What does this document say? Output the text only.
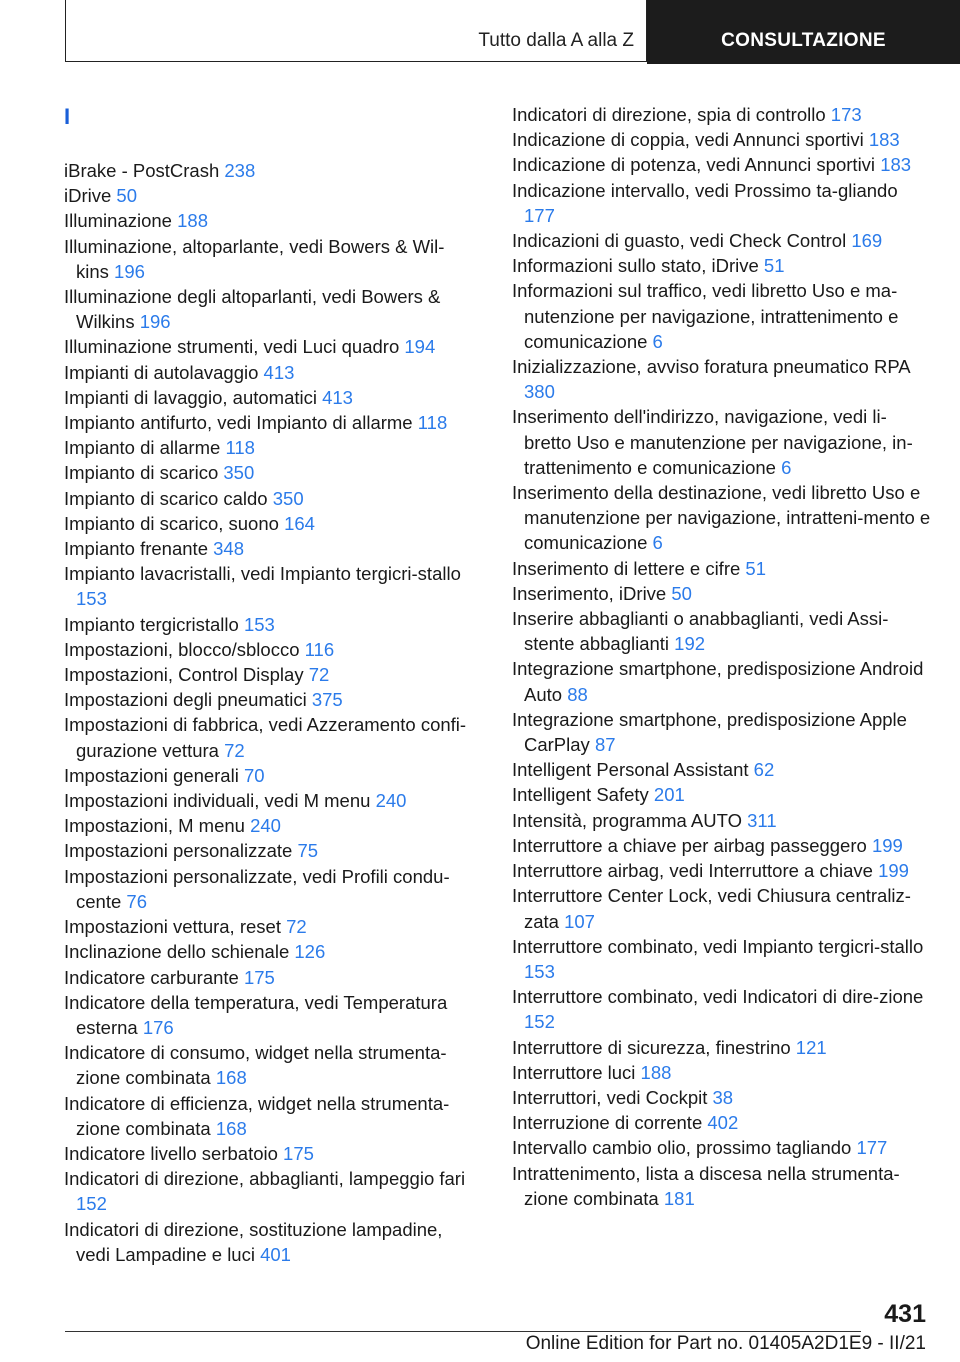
Tutto dalla A alla Z	CONSULTAZIONE
I

iBrake - PostCrash 238

iDrive 50

Illuminazione 188

Illuminazione, altoparlante, vedi Bowers & Wil-kins 196

Illuminazione degli altoparlanti, vedi Bowers & Wilkins 196

Illuminazione strumenti, vedi Luci quadro 194

Impianti di autolavaggio 413

Impianti di lavaggio, automatici 413

Impianto antifurto, vedi Impianto di allarme 118

Impianto di allarme 118

Impianto di scarico 350

Impianto di scarico caldo 350

Impianto di scarico, suono 164

Impianto frenante 348

Impianto lavacristalli, vedi Impianto tergicri-stallo 153

Impianto tergicristallo 153

Impostazioni, blocco/sblocco 116

Impostazioni, Control Display 72

Impostazioni degli pneumatici 375

Impostazioni di fabbrica, vedi Azzeramento confi-gurazione vettura 72

Impostazioni generali 70

Impostazioni individuali, vedi M menu 240

Impostazioni, M menu 240

Impostazioni personalizzate 75

Impostazioni personalizzate, vedi Profili condu-cente 76

Impostazioni vettura, reset 72

Inclinazione dello schienale 126

Indicatore carburante 175

Indicatore della temperatura, vedi Temperatura esterna 176

Indicatore di consumo, widget nella strumenta-zione combinata 168

Indicatore di efficienza, widget nella strumenta-zione combinata 168

Indicatore livello serbatoio 175

Indicatori di direzione, abbaglianti, lampeggio fari 152

Indicatori di direzione, sostituzione lampadine, vedi Lampadine e luci 401

Indicatori di direzione, spia di controllo 173

Indicazione di coppia, vedi Annunci sportivi 183

Indicazione di potenza, vedi Annunci sportivi 183

Indicazione intervallo, vedi Prossimo ta-gliando 177

Indicazioni di guasto, vedi Check Control 169

Informazioni sullo stato, iDrive 51

Informazioni sul traffico, vedi libretto Uso e ma-nutenzione per navigazione, intrattenimento e comunicazione 6

Inizializzazione, avviso foratura pneumatico RPA 380

Inserimento dell'indirizzo, navigazione, vedi li-bretto Uso e manutenzione per navigazione, in-trattenimento e comunicazione 6

Inserimento della destinazione, vedi libretto Uso e manutenzione per navigazione, intratteni-mento e comunicazione 6

Inserimento di lettere e cifre 51

Inserimento, iDrive 50

Inserire abbaglianti o anabbaglianti, vedi Assi-stente abbaglianti 192

Integrazione smartphone, predisposizione Android Auto 88

Integrazione smartphone, predisposizione Apple CarPlay 87

Intelligent Personal Assistant 62

Intelligent Safety 201

Intensità, programma AUTO 311

Interruttore a chiave per airbag passeggero 199

Interruttore airbag, vedi Interruttore a chiave 199

Interruttore Center Lock, vedi Chiusura centraliz-zata 107

Interruttore combinato, vedi Impianto tergicri-stallo 153

Interruttore combinato, vedi Indicatori di dire-zione 152

Interruttore di sicurezza, finestrino 121

Interruttore luci 188

Interruttori, vedi Cockpit 38

Interruzione di corrente 402

Intervallo cambio olio, prossimo tagliando 177

Intrattenimento, lista a discesa nella strumenta-zione combinata 181

431
Online Edition for Part no. 01405A2D1E9 - II/21
